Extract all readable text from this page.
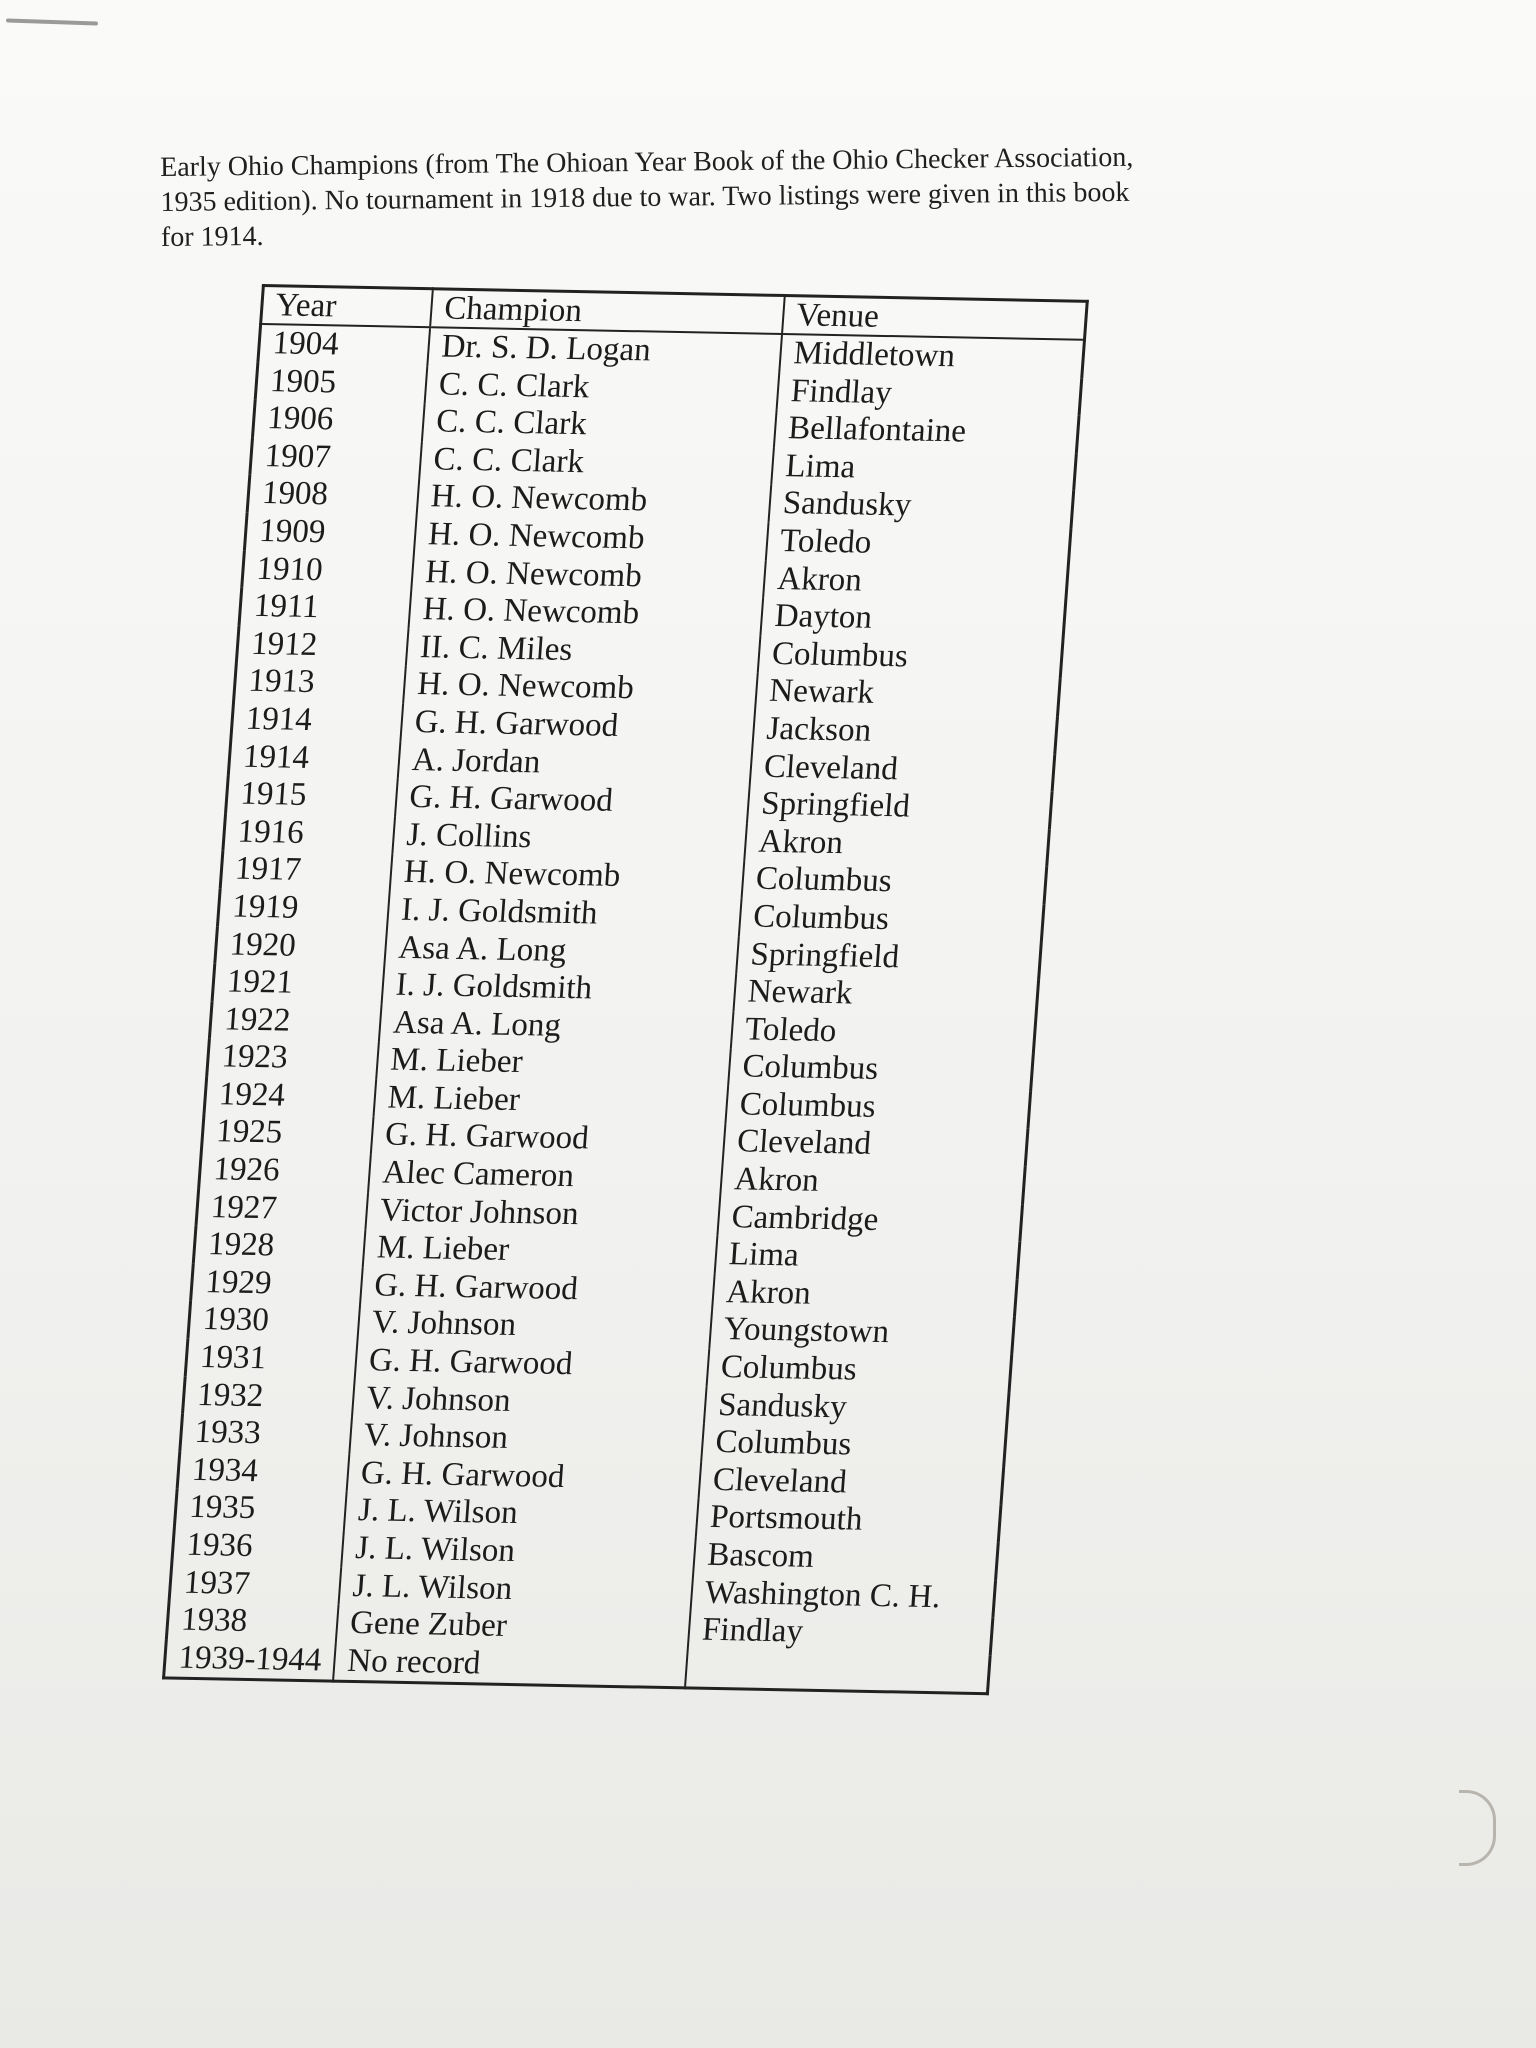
Early Ohio Champions (from The Ohioan Year Book of the Ohio Checker Association,

1935 edition). No tournament in 1918 due to war. Two listings were given in this book

for 1914.

Year	Champion	Venue
1904	Dr. S. D. Logan	Middletown
1905	C. C. Clark	Findlay
1906	C. C. Clark	Bellafontaine
1907	C. C. Clark	Lima
1908	H. O. Newcomb	Sandusky
1909	H. O. Newcomb	Toledo
1910	H. O. Newcomb	Akron
1911	H. O. Newcomb	Dayton
1912	II. C. Miles	Columbus
1913	H. O. Newcomb	Newark
1914	G. H. Garwood	Jackson
1914	A. Jordan	Cleveland
1915	G. H. Garwood	Springfield
1916	J. Collins	Akron
1917	H. O. Newcomb	Columbus
1919	I. J. Goldsmith	Columbus
1920	Asa A. Long	Springfield
1921	I. J. Goldsmith	Newark
1922	Asa A. Long	Toledo
1923	M. Lieber	Columbus
1924	M. Lieber	Columbus
1925	G. H. Garwood	Cleveland
1926	Alec Cameron	Akron
1927	Victor Johnson	Cambridge
1928	M. Lieber	Lima
1929	G. H. Garwood	Akron
1930	V. Johnson	Youngstown
1931	G. H. Garwood	Columbus
1932	V. Johnson	Sandusky
1933	V. Johnson	Columbus
1934	G. H. Garwood	Cleveland
1935	J. L. Wilson	Portsmouth
1936	J. L. Wilson	Bascom
1937	J. L. Wilson	Washington C. H.
1938	Gene Zuber	Findlay
1939-1944	No record	
